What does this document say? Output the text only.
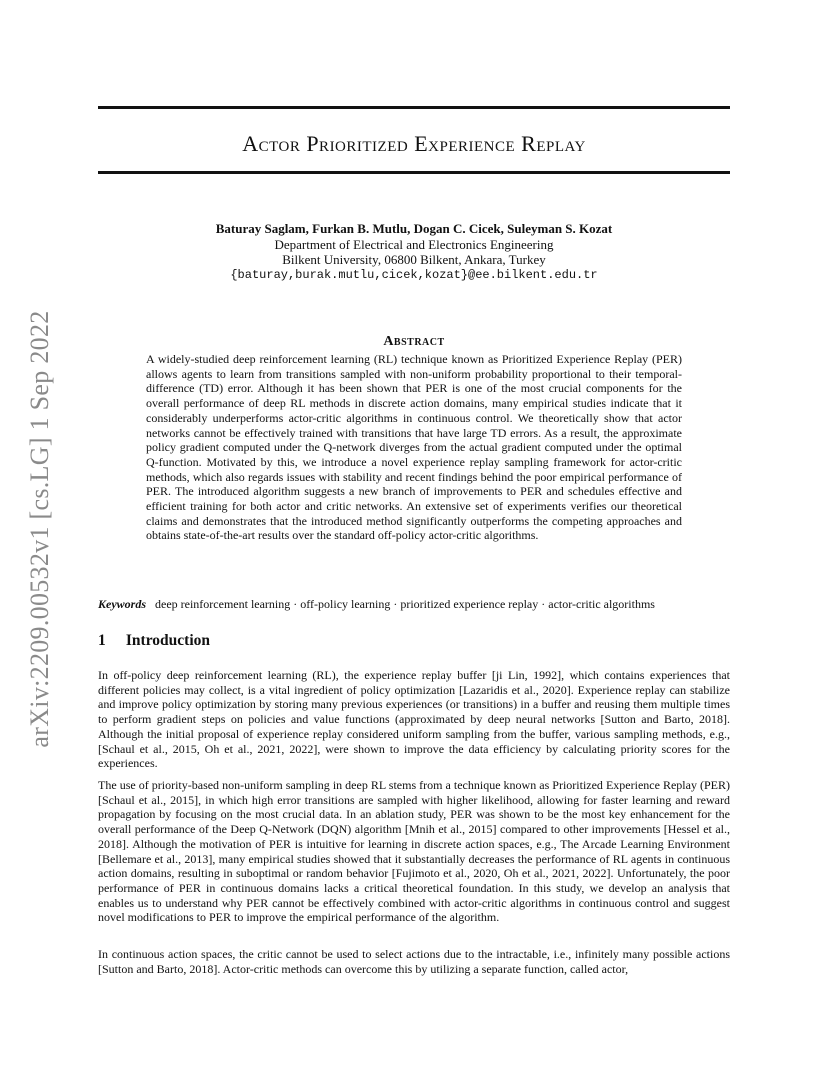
arXiv:2209.00532v1 [cs.LG] 1 Sep 2022
Actor Prioritized Experience Replay
Baturay Saglam, Furkan B. Mutlu, Dogan C. Cicek, Suleyman S. Kozat
Department of Electrical and Electronics Engineering
Bilkent University, 06800 Bilkent, Ankara, Turkey
{baturay,burak.mutlu,cicek,kozat}@ee.bilkent.edu.tr
Abstract
A widely-studied deep reinforcement learning (RL) technique known as Prioritized Experience Replay (PER) allows agents to learn from transitions sampled with non-uniform probability proportional to their temporal-difference (TD) error. Although it has been shown that PER is one of the most crucial components for the overall performance of deep RL methods in discrete action domains, many empirical studies indicate that it considerably underperforms actor-critic algorithms in continuous control. We theoretically show that actor networks cannot be effectively trained with transitions that have large TD errors. As a result, the approximate policy gradient computed under the Q-network diverges from the actual gradient computed under the optimal Q-function. Motivated by this, we introduce a novel experience replay sampling framework for actor-critic methods, which also regards issues with stability and recent findings behind the poor empirical performance of PER. The introduced algorithm suggests a new branch of improvements to PER and schedules effective and efficient training for both actor and critic networks. An extensive set of experiments verifies our theoretical claims and demonstrates that the introduced method significantly outperforms the competing approaches and obtains state-of-the-art results over the standard off-policy actor-critic algorithms.
Keywords deep reinforcement learning · off-policy learning · prioritized experience replay · actor-critic algorithms
1 Introduction

In off-policy deep reinforcement learning (RL), the experience replay buffer [ji Lin, 1992], which contains experiences that different policies may collect, is a vital ingredient of policy optimization [Lazaridis et al., 2020]. Experience replay can stabilize and improve policy optimization by storing many previous experiences (or transitions) in a buffer and reusing them multiple times to perform gradient steps on policies and value functions (approximated by deep neural networks [Sutton and Barto, 2018]. Although the initial proposal of experience replay considered uniform sampling from the buffer, various sampling methods, e.g., [Schaul et al., 2015, Oh et al., 2021, 2022], were shown to improve the data efficiency by calculating priority scores for the experiences.

The use of priority-based non-uniform sampling in deep RL stems from a technique known as Prioritized Experience Replay (PER) [Schaul et al., 2015], in which high error transitions are sampled with higher likelihood, allowing for faster learning and reward propagation by focusing on the most crucial data. In an ablation study, PER was shown to be the most key enhancement for the overall performance of the Deep Q-Network (DQN) algorithm [Mnih et al., 2015] compared to other improvements [Hessel et al., 2018]. Although the motivation of PER is intuitive for learning in discrete action spaces, e.g., The Arcade Learning Environment [Bellemare et al., 2013], many empirical studies showed that it substantially decreases the performance of RL agents in continuous action domains, resulting in suboptimal or random behavior [Fujimoto et al., 2020, Oh et al., 2021, 2022]. Unfortunately, the poor performance of PER in continuous domains lacks a critical theoretical foundation. In this study, we develop an analysis that enables us to understand why PER cannot be effectively combined with actor-critic algorithms in continuous control and suggest novel modifications to PER to improve the empirical performance of the algorithm.

In continuous action spaces, the critic cannot be used to select actions due to the intractable, i.e., infinitely many possible actions [Sutton and Barto, 2018]. Actor-critic methods can overcome this by utilizing a separate function, called actor,
